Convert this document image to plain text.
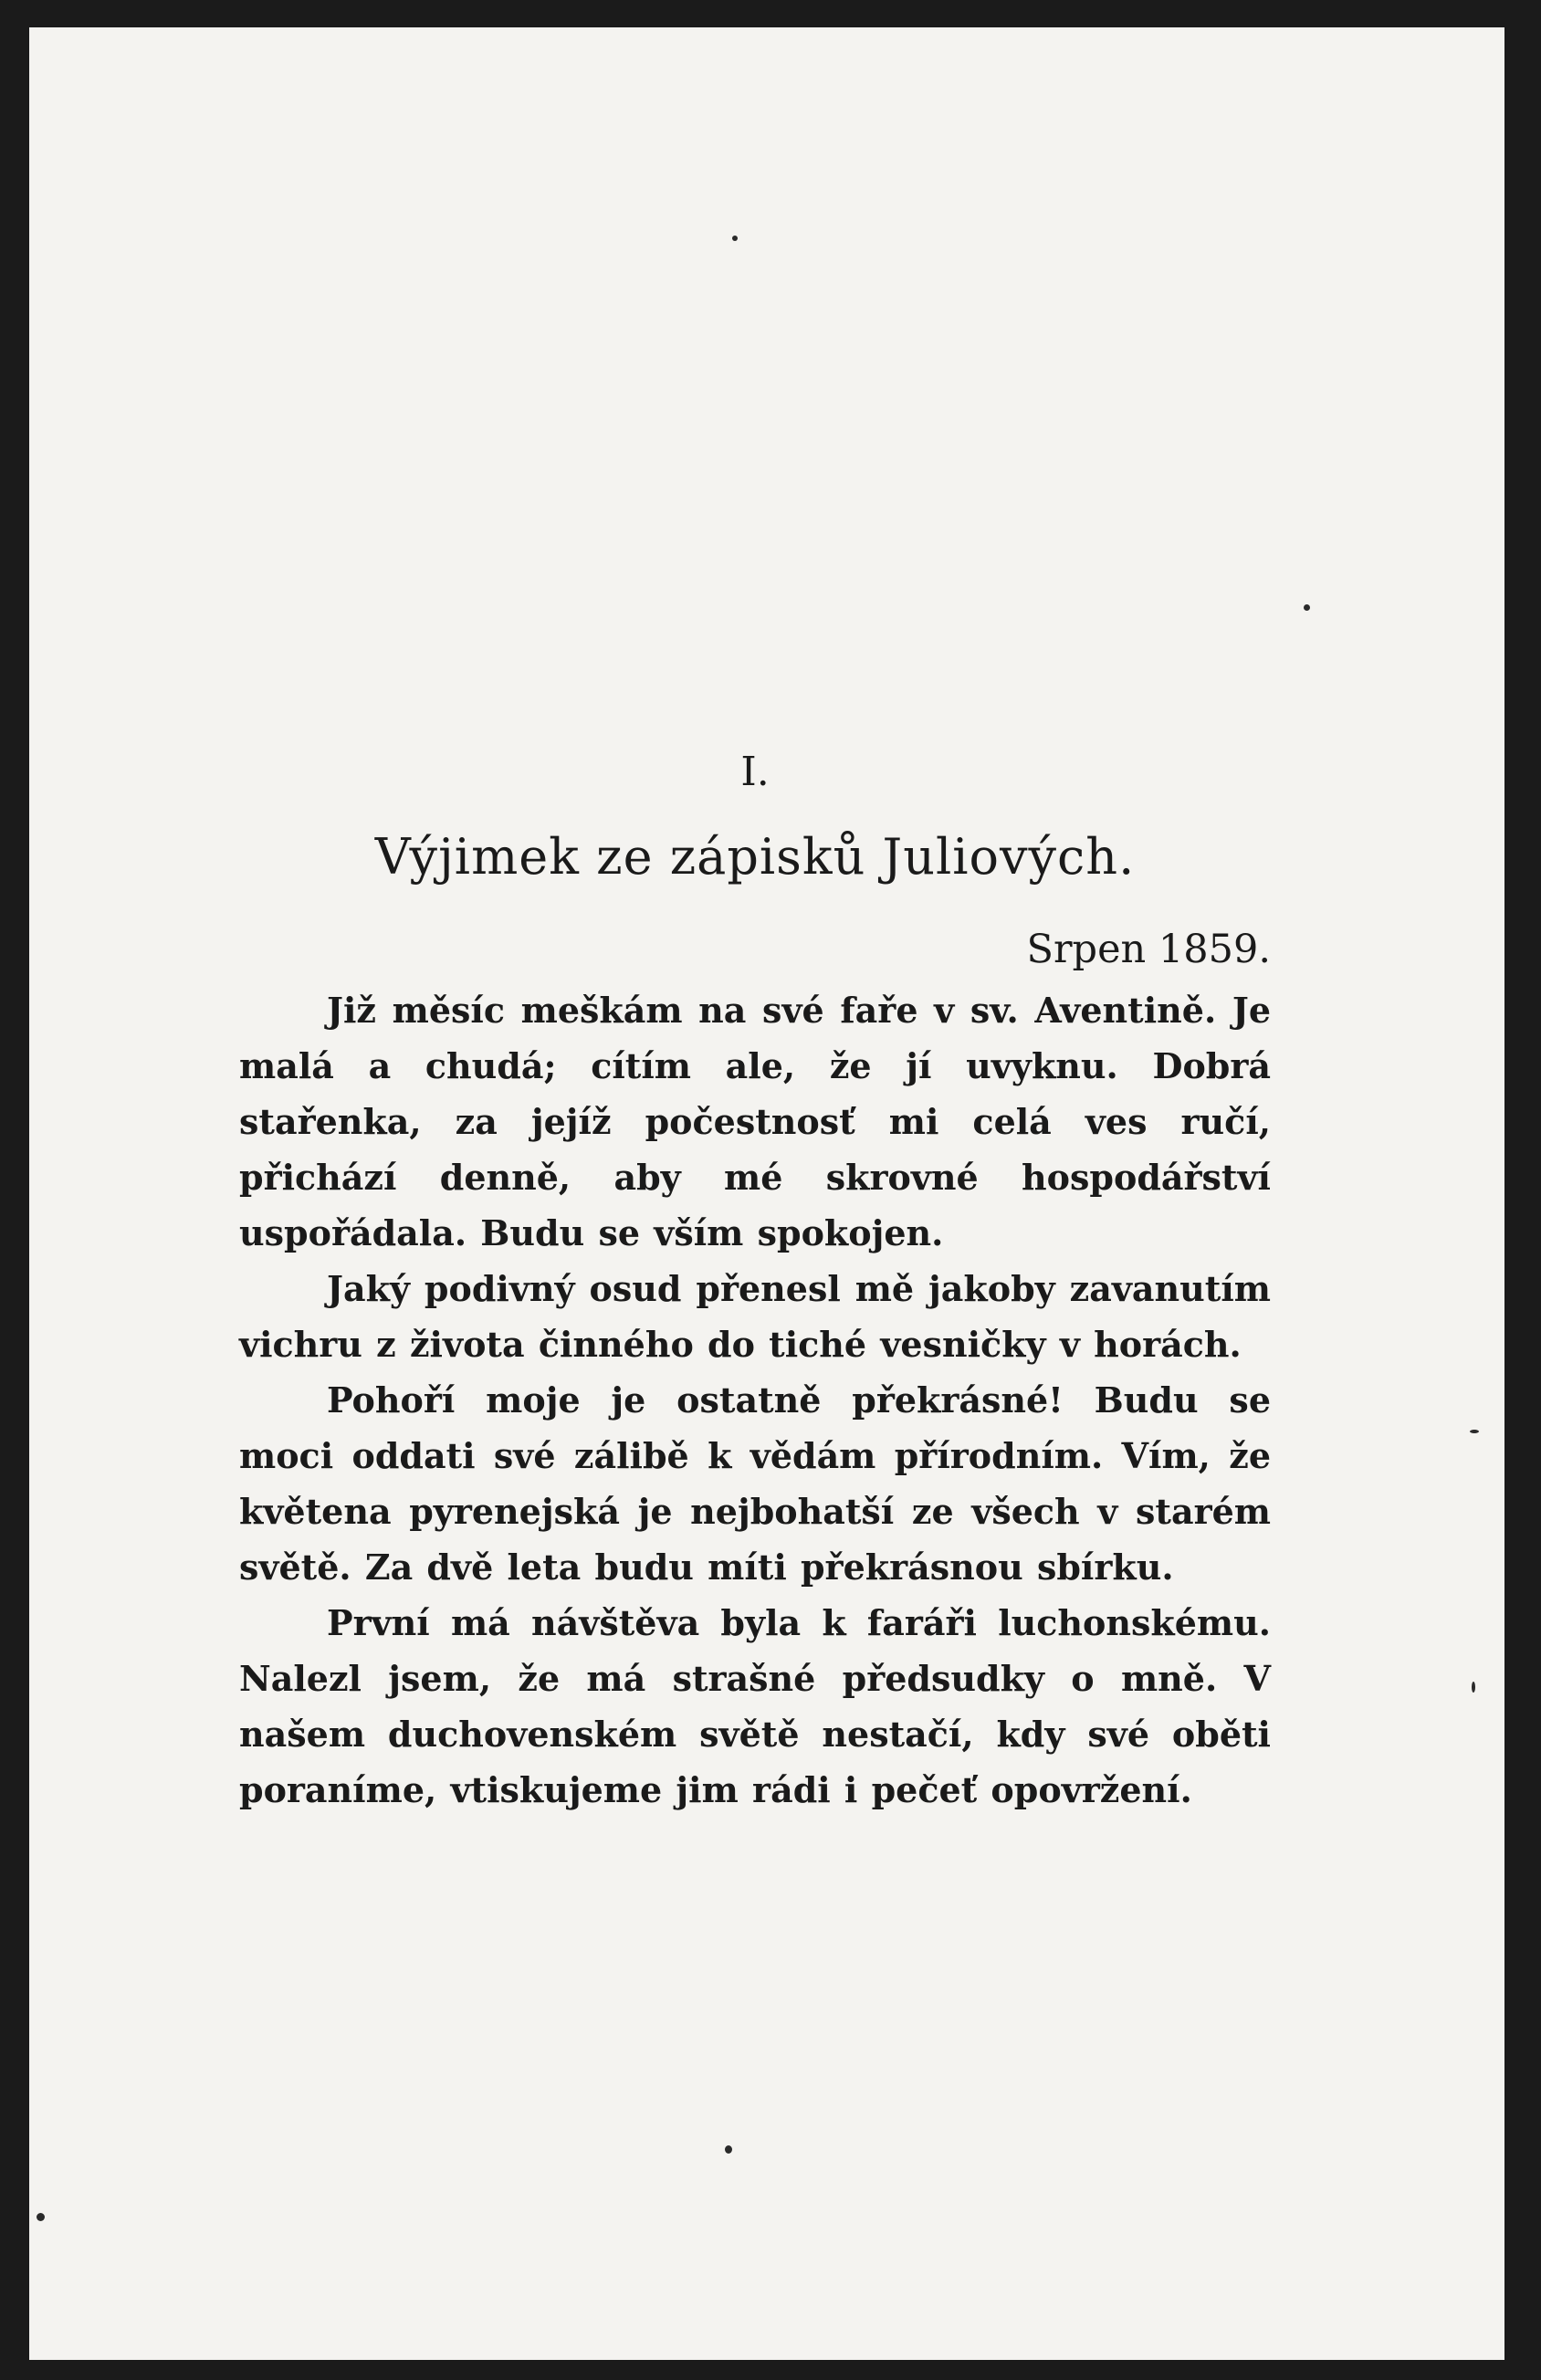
I.
Výjimek ze zápisků Juliových.
Srpen 1859.

Již měsíc meškám na své faře v sv. Aventině. Je malá a chudá; cítím ale, že jí uvyknu. Dobrá stařenka, za jejíž počestnosť mi celá ves ručí, přichází denně, aby mé skrovné hospodářství uspořádala. Budu se vším spokojen.

Jaký podivný osud přenesl mě jakoby zavanutím vichru z života činného do tiché vesničky v horách.

Pohoří moje je ostatně překrásné! Budu se moci oddati své zálibě k vědám přírodním. Vím, že květena pyrenejská je nejbohatší ze všech v starém světě. Za dvě leta budu míti překrásnou sbírku.

První má návštěva byla k faráři luchonskému. Nalezl jsem, že má strašné předsudky o mně. V našem duchovenském světě nestačí, kdy své oběti poraníme, vtiskujeme jim rádi i pečeť opovržení.
